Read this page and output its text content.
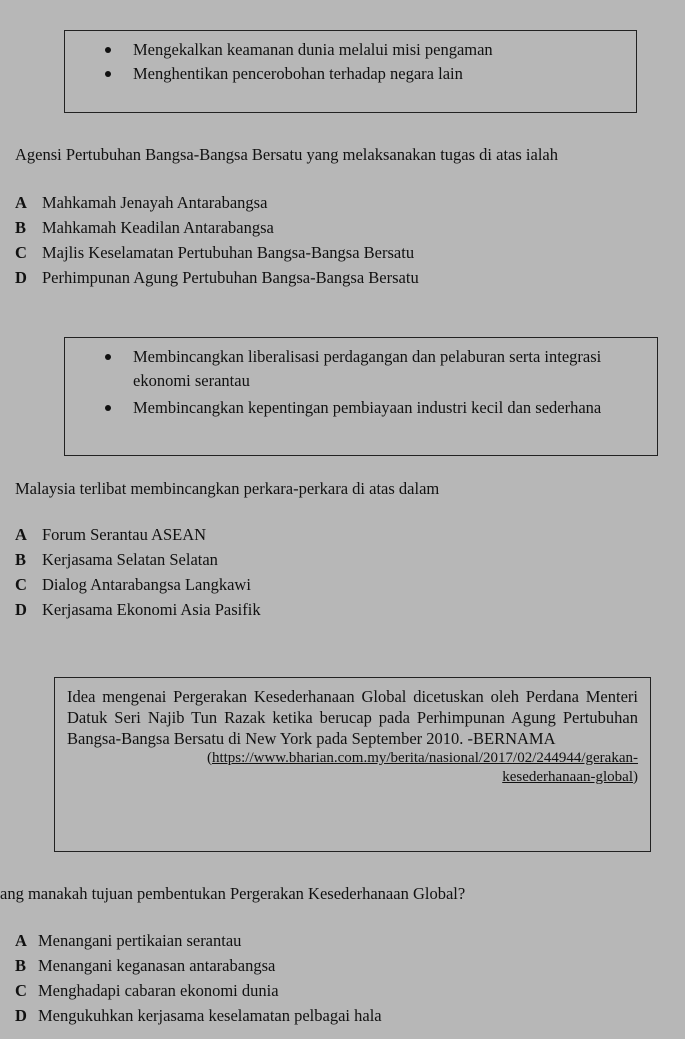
Mengekalkan keamanan dunia melalui misi pengaman
Menghentikan pencerobohan terhadap negara lain
Agensi Pertubuhan Bangsa-Bangsa Bersatu yang melaksanakan tugas di atas ialah
A Mahkamah Jenayah Antarabangsa
B Mahkamah Keadilan Antarabangsa
C Majlis Keselamatan Pertubuhan Bangsa-Bangsa Bersatu
D Perhimpunan Agung Pertubuhan Bangsa-Bangsa Bersatu
Membincangkan liberalisasi perdagangan dan pelaburan serta integrasi ekonomi serantau
Membincangkan kepentingan pembiayaan industri kecil dan sederhana
Malaysia terlibat membincangkan perkara-perkara di atas dalam
A Forum Serantau ASEAN
B Kerjasama Selatan Selatan
C Dialog Antarabangsa Langkawi
D Kerjasama Ekonomi Asia Pasifik

Idea mengenai Pergerakan Kesederhanaan Global dicetuskan oleh Perdana Menteri Datuk Seri Najib Tun Razak ketika berucap pada Perhimpunan Agung Pertubuhan Bangsa-Bangsa Bersatu di New York pada September 2010. -BERNAMA

(https://www.bharian.com.my/berita/nasional/2017/02/244944/gerakan-
kesederhanaan-global)

ang manakah tujuan pembentukan Pergerakan Kesederhanaan Global?
A Menangani pertikaian serantau
B Menangani keganasan antarabangsa
C Menghadapi cabaran ekonomi dunia
D Mengukuhkan kerjasama keselamatan pelbagai hala
